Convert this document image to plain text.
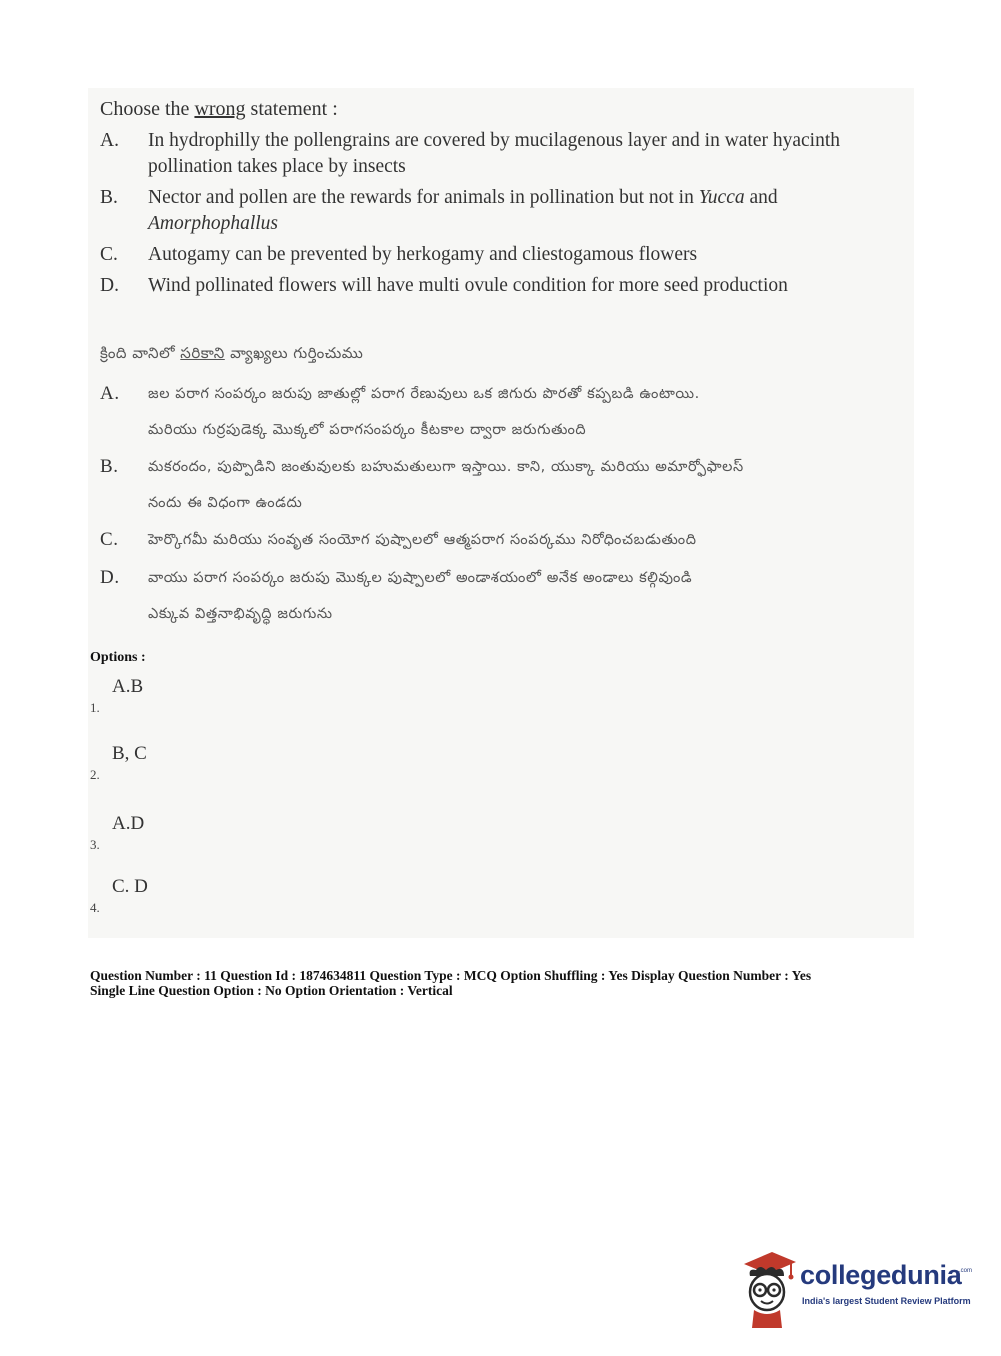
Choose the wrong statement :
A.	In hydrophilly the pollengrains are covered by mucilagenous layer and in water hyacinth
pollination takes place by insects
B.	Nector and pollen are the rewards for animals in pollination but not in Yucca and
Amorphophallus
C.	Autogamy can be prevented by herkogamy and cliestogamous flowers
D.	Wind pollinated flowers will have multi ovule condition for more seed production
క్రింది వానిలో సరికాని వ్యాఖ్యలు గుర్తించుము
A. జల పరాగ సంపర్కం జరుపు జాతుల్లో పరాగ రేణువులు ఒక జిగురు పొరతో కప్పబడి ఉంటాయి.
మరియు గుర్రపుడెక్క మొక్కలో పరాగసంపర్కం కీటకాల ద్వారా జరుగుతుంది
B. మకరందం, పుప్పొడిని జంతువులకు బహుమతులుగా ఇస్తాయి. కాని, యుక్కా మరియు అమార్ఫోఫాలస్
నందు ఈ విధంగా ఉండదు
C. హెర్కొగమీ మరియు సంవృత సంయోగ పుష్పాలలో ఆత్మపరాగ సంపర్కము నిరోధించబడుతుంది
D. వాయు పరాగ సంపర్కం జరుపు మొక్కల పుష్పాలలో అండాశయంలో అనేక అండాలు కల్గివుండి
ఎక్కువ విత్తనాభివృద్ధి జరుగును
Options :
1.
A.B
2.
B, C
3.
A.D
4.
C. D
Question Number : 11 Question Id : 1874634811 Question Type : MCQ Option Shuffling : Yes Display Question Number : Yes
Single Line Question Option : No Option Orientation : Vertical
collegedunia
.com
India's largest Student Review Platform
